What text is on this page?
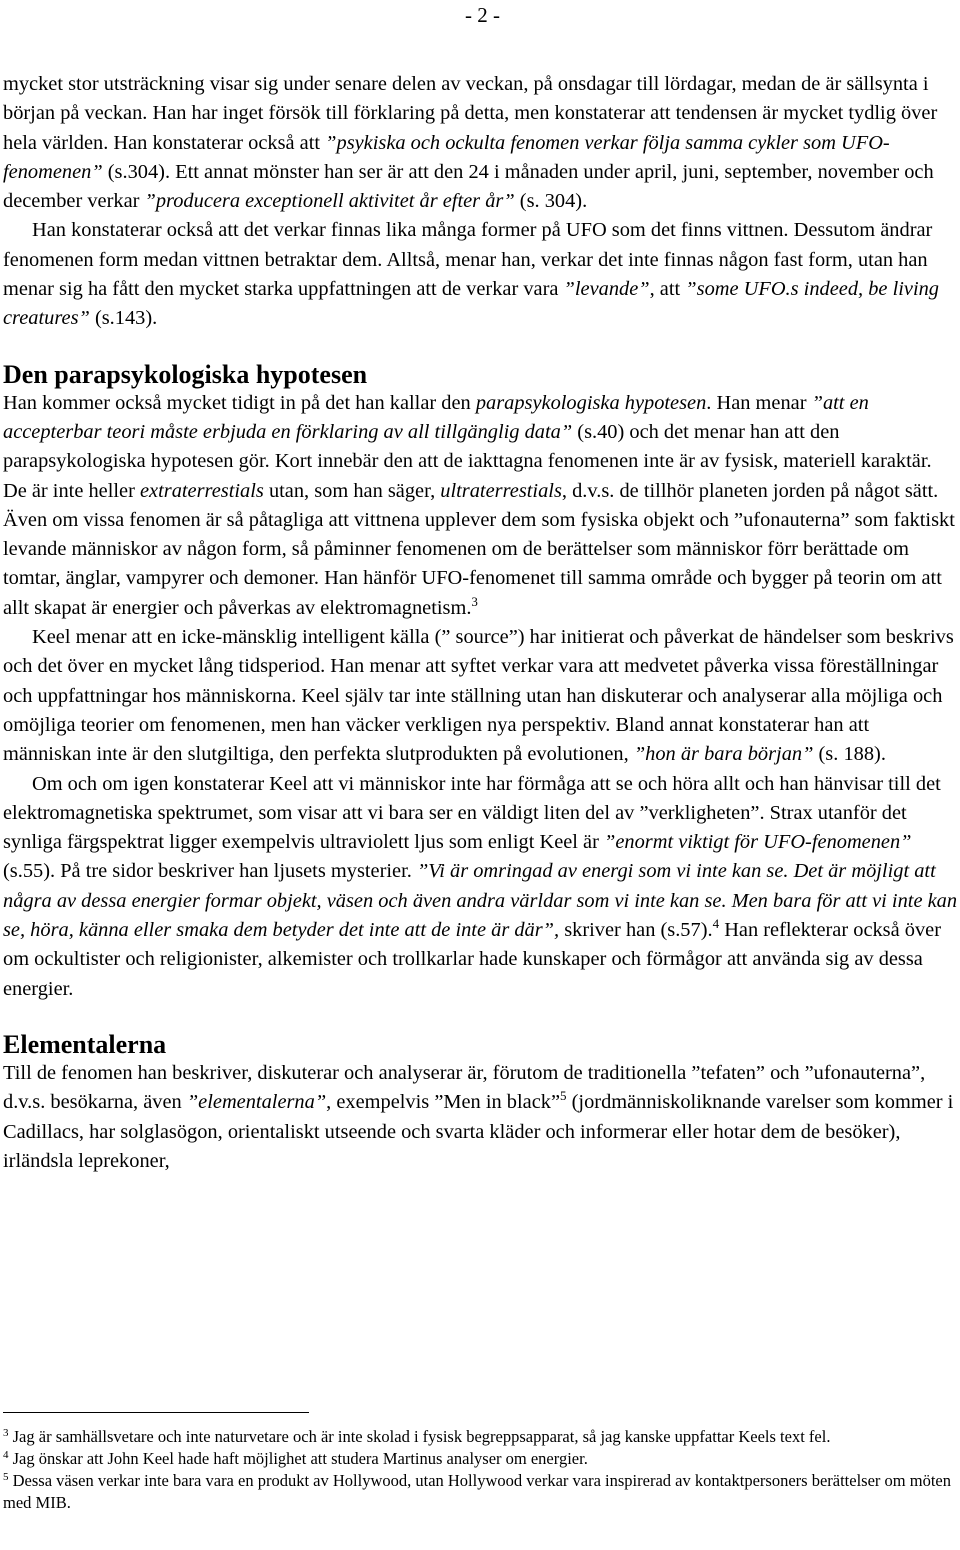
- 2 -

mycket stor utsträckning visar sig under senare delen av veckan, på onsdagar till lördagar, medan de är sällsynta i början på veckan. Han har inget försök till förklaring på detta, men konstaterar att tendensen är mycket tydlig över hela världen. Han konstaterar också att ”psykiska och ockulta fenomen verkar följa samma cykler som UFO-fenomenen” (s.304). Ett annat mönster han ser är att den 24 i månaden under april, juni, september, november och december verkar ”producera exceptionell aktivitet år efter år” (s. 304).

Han konstaterar också att det verkar finnas lika många former på UFO som det finns vittnen. Dessutom ändrar fenomenen form medan vittnen betraktar dem. Alltså, menar han, verkar det inte finnas någon fast form, utan han menar sig ha fått den mycket starka uppfattningen att de verkar vara ”levande”, att ”some UFO.s indeed, be living creatures” (s.143).

Den parapsykologiska hypotesen

Han kommer också mycket tidigt in på det han kallar den parapsykologiska hypotesen. Han menar ”att en accepterbar teori måste erbjuda en förklaring av all tillgänglig data” (s.40) och det menar han att den parapsykologiska hypotesen gör. Kort innebär den att de iakttagna fenomenen inte är av fysisk, materiell karaktär. De är inte heller extraterrestials utan, som han säger, ultraterrestials, d.v.s. de tillhör planeten jorden på något sätt. Även om vissa fenomen är så påtagliga att vittnena upplever dem som fysiska objekt och ”ufonauterna” som faktiskt levande människor av någon form, så påminner fenomenen om de berättelser som människor förr berättade om tomtar, änglar, vampyrer och demoner. Han hänför UFO-fenomenet till samma område och bygger på teorin om att allt skapat är energier och påverkas av elektromagnetism.$^3$

Keel menar att en icke-mänsklig intelligent källa (” source”) har initierat och påverkat de händelser som beskrivs och det över en mycket lång tidsperiod. Han menar att syftet verkar vara att medvetet påverka vissa föreställningar och uppfattningar hos människorna. Keel själv tar inte ställning utan han diskuterar och analyserar alla möjliga och omöjliga teorier om fenomenen, men han väcker verkligen nya perspektiv. Bland annat konstaterar han att människan inte är den slutgiltiga, den perfekta slutprodukten på evolutionen, ”hon är bara början” (s. 188).

Om och om igen konstaterar Keel att vi människor inte har förmåga att se och höra allt och han hänvisar till det elektromagnetiska spektrumet, som visar att vi bara ser en väldigt liten del av ”verkligheten”. Strax utanför det synliga färgspektrat ligger exempelvis ultraviolett ljus som enligt Keel är ”enormt viktigt för UFO-fenomenen” (s.55). På tre sidor beskriver han ljusets mysterier. ”Vi är omringad av energi som vi inte kan se. Det är möjligt att några av dessa energier formar objekt, väsen och även andra världar som vi inte kan se. Men bara för att vi inte kan se, höra, känna eller smaka dem betyder det inte att de inte är där”, skriver han (s.57).$^4$ Han reflekterar också över om ockultister och religionister, alkemister och trollkarlar hade kunskaper och förmågor att använda sig av dessa energier.

Elementalerna

Till de fenomen han beskriver, diskuterar och analyserar är, förutom de traditionella ”tefaten” och ”ufonauterna”, d.v.s. besökarna, även ”elementalerna”, exempelvis ”Men in black”$^5$ (jordmänniskoliknande varelser som kommer i Cadillacs, har solglasögon, orientaliskt utseende och svarta kläder och informerar eller hotar dem de besöker), irländsla leprekoner,

$^3$ Jag är samhällsvetare och inte naturvetare och är inte skolad i fysisk begreppsapparat, så jag kanske uppfattar Keels text fel.

$^4$ Jag önskar att John Keel hade haft möjlighet att studera Martinus analyser om energier.

$^5$ Dessa väsen verkar inte bara vara en produkt av Hollywood, utan Hollywood verkar vara inspirerad av kontaktpersoners berättelser om möten med MIB.
